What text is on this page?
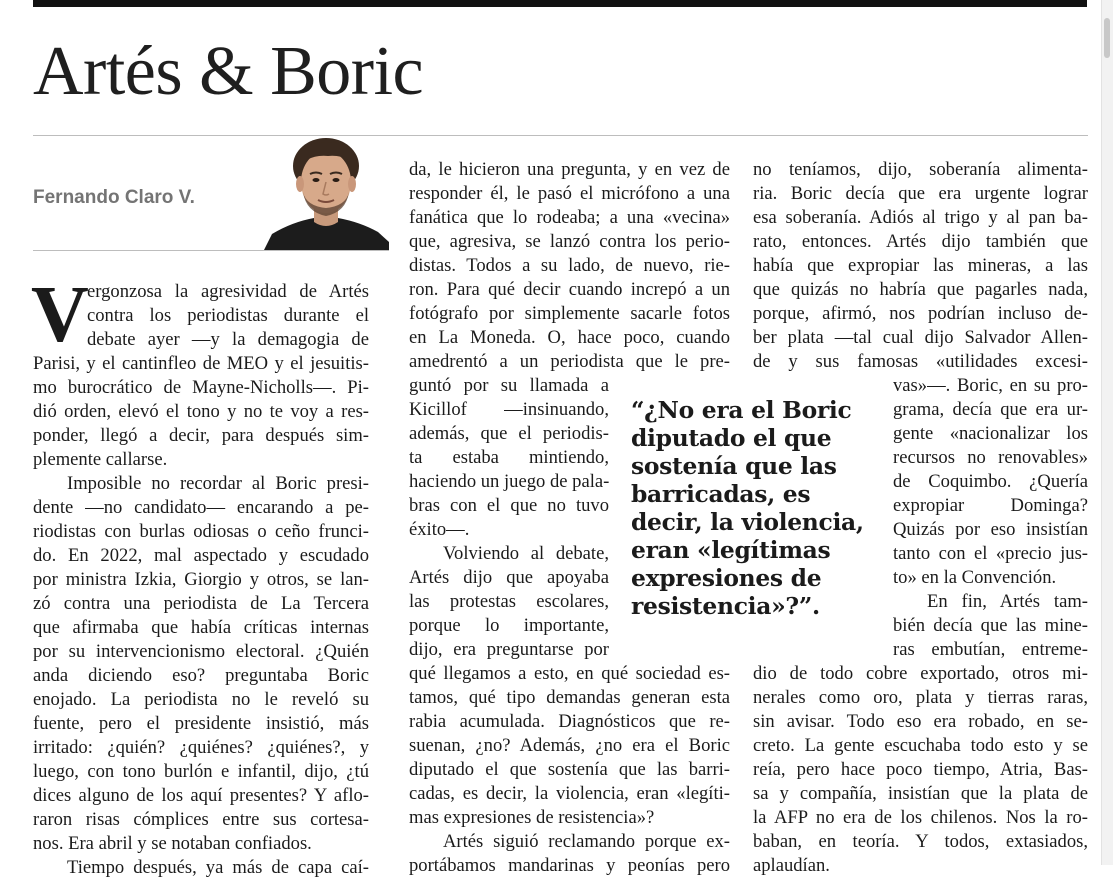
Artés & Boric
Fernando Claro V.
V
ergonzosa la agresividad de Artés
contra los periodistas durante el
debate ayer —y la demagogia de
Parisi, y el cantinfleo de MEO y el jesuitis-
mo burocrático de Mayne-Nicholls—. Pi-
dió orden, elevó el tono y no te voy a res-
ponder, llegó a decir, para después sim-
plemente callarse.
Imposible no recordar al Boric presi-
dente —no candidato— encarando a pe-
riodistas con burlas odiosas o ceño frunci-
do. En 2022, mal aspectado y escudado
por ministra Izkia, Giorgio y otros, se lan-
zó contra una periodista de La Tercera
que afirmaba que había críticas internas
por su intervencionismo electoral. ¿Quién
anda diciendo eso? preguntaba Boric
enojado. La periodista no le reveló su
fuente, pero el presidente insistió, más
irritado: ¿quién? ¿quiénes? ¿quiénes?, y
luego, con tono burlón e infantil, dijo, ¿tú
dices alguno de los aquí presentes? Y aflo-
raron risas cómplices entre sus cortesa-
nos. Era abril y se notaban confiados.
Tiempo después, ya más de capa caí-
da, le hicieron una pregunta, y en vez de
responder él, le pasó el micrófono a una
fanática que lo rodeaba; a una «vecina»
que, agresiva, se lanzó contra los perio-
distas. Todos a su lado, de nuevo, rie-
ron. Para qué decir cuando increpó a un
fotógrafo por simplemente sacarle fotos
en La Moneda. O, hace poco, cuando
amedrentó a un periodista que le pre-
guntó por su llamada a
Kicillof —insinuando,
además, que el periodis-
ta estaba mintiendo,
haciendo un juego de pala-
bras con el que no tuvo
éxito—.
Volviendo al debate,
Artés dijo que apoyaba
las protestas escolares,
porque lo importante,
dijo, era preguntarse por
qué llegamos a esto, en qué sociedad es-
tamos, qué tipo demandas generan esta
rabia acumulada. Diagnósticos que re-
suenan, ¿no? Además, ¿no era el Boric
diputado el que sostenía que las barri-
cadas, es decir, la violencia, eran «legíti-
mas expresiones de resistencia»?
Artés siguió reclamando porque ex-
portábamos mandarinas y peonías pero
no teníamos, dijo, soberanía alimenta-
ria. Boric decía que era urgente lograr
esa soberanía. Adiós al trigo y al pan ba-
rato, entonces. Artés dijo también que
había que expropiar las mineras, a las
que quizás no habría que pagarles nada,
porque, afirmó, nos podrían incluso de-
ber plata —tal cual dijo Salvador Allen-
de y sus famosas «utilidades excesi-
vas»—. Boric, en su pro-
grama, decía que era ur-
gente «nacionalizar los
recursos no renovables»
de Coquimbo. ¿Quería
expropiar Dominga?
Quizás por eso insistían
tanto con el «precio jus-
to» en la Convención.
En fin, Artés tam-
bién decía que las mine-
ras embutían, entreme-
dio de todo cobre exportado, otros mi-
nerales como oro, plata y tierras raras,
sin avisar. Todo eso era robado, en se-
creto. La gente escuchaba todo esto y se
reía, pero hace poco tiempo, Atria, Bas-
sa y compañía, insistían que la plata de
la AFP no era de los chilenos. Nos la ro-
baban, en teoría. Y todos, extasiados,
aplaudían.
“¿No era el Boric
diputado el que
sostenía que las
barricadas, es
decir, la violencia,
eran «legítimas
expresiones de
resistencia»?”.
